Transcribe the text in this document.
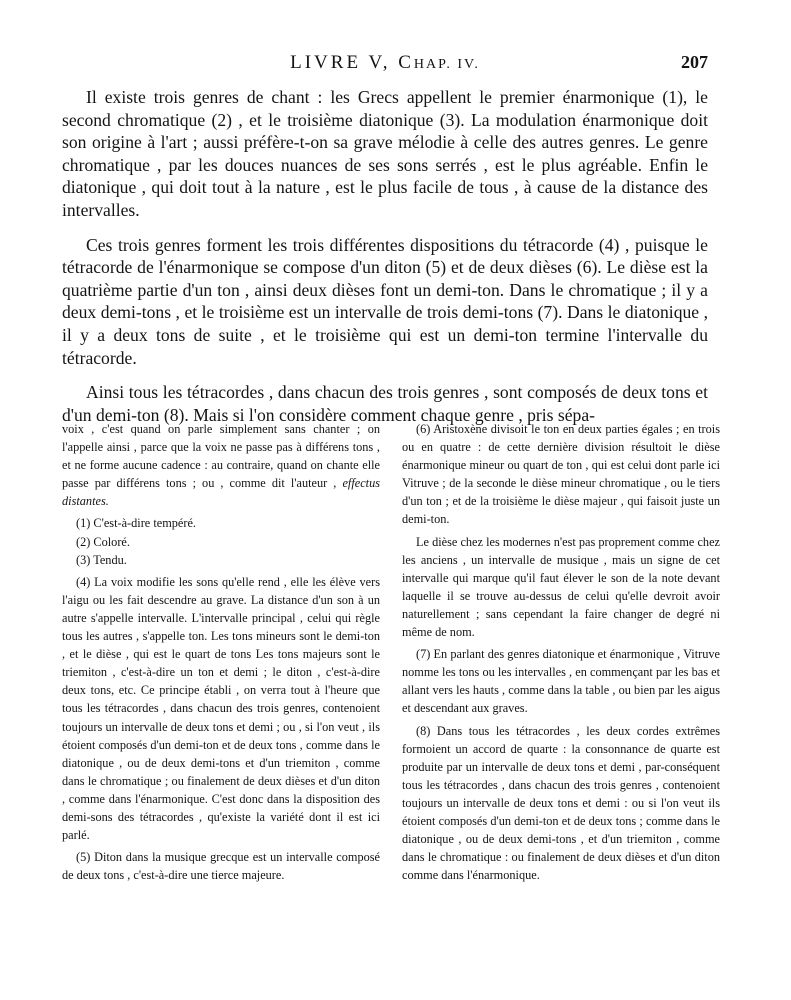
LIVRE V, CHAP. IV.	207

Il existe trois genres de chant : les Grecs appellent le premier énarmonique (1), le second chromatique (2) , et le troisième diatonique (3). La modulation énarmonique doit son origine à l'art ; aussi préfère-t-on sa grave mélodie à celle des autres genres. Le genre chromatique , par les douces nuances de ses sons serrés , est le plus agréable. Enfin le diatonique , qui doit tout à la nature , est le plus facile de tous , à cause de la distance des intervalles.

Ces trois genres forment les trois différentes dispositions du tétracorde (4) , puisque le tétracorde de l'énarmonique se compose d'un diton (5) et de deux dièses (6). Le dièse est la quatrième partie d'un ton , ainsi deux dièses font un demi-ton. Dans le chromatique ; il y a deux demi-tons , et le troisième est un intervalle de trois demi-tons (7). Dans le diatonique , il y a deux tons de suite , et le troisième qui est un demi-ton termine l'intervalle du tétracorde.

Ainsi tous les tétracordes , dans chacun des trois genres , sont composés de deux tons et d'un demi-ton (8). Mais si l'on considère comment chaque genre , pris sépa-

voix , c'est quand on parle simplement sans chanter ; on l'appelle ainsi , parce que la voix ne passe pas à différens tons , et ne forme aucune cadence : au contraire, quand on chante elle passe par différens tons ; ou , comme dit l'auteur , effectus distantes.

(1) C'est-à-dire tempéré.

(2) Coloré.

(3) Tendu.

(4) La voix modifie les sons qu'elle rend , elle les élève vers l'aigu ou les fait descendre au grave. La distance d'un son à un autre s'appelle intervalle. L'intervalle principal , celui qui règle tous les autres , s'appelle ton. Les tons mineurs sont le demi-ton , et le dièse , qui est le quart de tons Les tons majeurs sont le triemiton , c'est-à-dire un ton et demi ; le diton , c'est-à-dire deux tons, etc. Ce principe établi , on verra tout à l'heure que tous les tétracordes , dans chacun des trois genres, contenoient toujours un intervalle de deux tons et demi ; ou , si l'on veut , ils étoient composés d'un demi-ton et de deux tons , comme dans le diatonique , ou de deux demi-tons et d'un triemiton , comme dans le chromatique ; ou finalement de deux dièses et d'un diton , comme dans l'énarmonique. C'est donc dans la disposition des demi-sons des tétracordes , qu'existe la variété dont il est ici parlé.

(5) Diton dans la musique grecque est un intervalle composé de deux tons , c'est-à-dire une tierce majeure.

(6) Aristoxène divisoit le ton en deux parties égales ; en trois ou en quatre : de cette dernière division résultoit le dièse énarmonique mineur ou quart de ton , qui est celui dont parle ici Vitruve ; de la seconde le dièse mineur chromatique , ou le tiers d'un ton ; et de la troisième le dièse majeur , qui faisoit juste un demi-ton.

Le dièse chez les modernes n'est pas proprement comme chez les anciens , un intervalle de musique , mais un signe de cet intervalle qui marque qu'il faut élever le son de la note devant laquelle il se trouve au-dessus de celui qu'elle devroit avoir naturellement ; sans cependant la faire changer de degré ni même de nom.

(7) En parlant des genres diatonique et énarmonique , Vitruve nomme les tons ou les intervalles , en commençant par les bas et allant vers les hauts , comme dans la table , ou bien par les aigus et descendant aux graves.

(8) Dans tous les tétracordes , les deux cordes extrêmes formoient un accord de quarte : la consonnance de quarte est produite par un intervalle de deux tons et demi , par-conséquent tous les tétracordes , dans chacun des trois genres , contenoient toujours un intervalle de deux tons et demi : ou si l'on veut ils étoient composés d'un demi-ton et de deux tons ; comme dans le diatonique , ou de deux demi-tons , et d'un triemiton , comme dans le chromatique : ou finalement de deux dièses et d'un diton comme dans l'énarmonique.
